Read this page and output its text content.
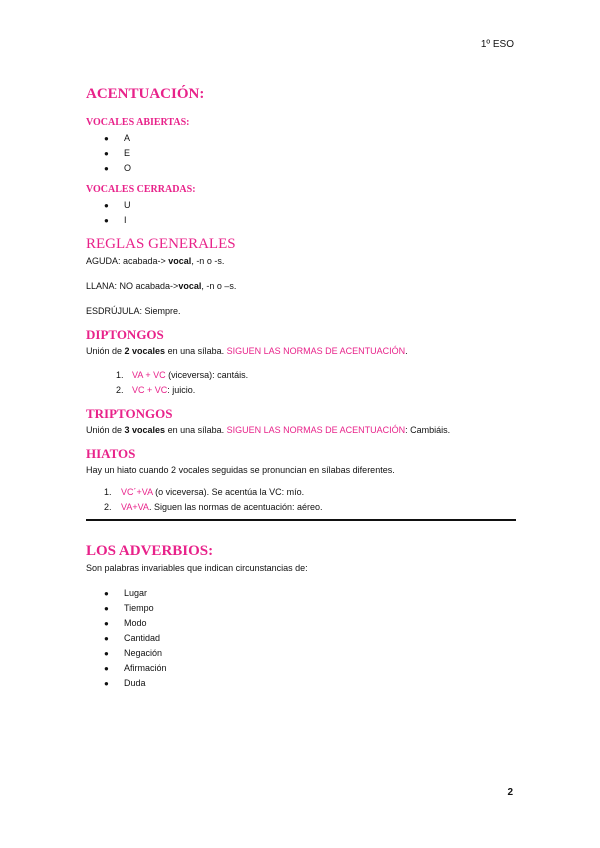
1º ESO
ACENTUACIÓN:
VOCALES ABIERTAS:
● A
● E
● O
VOCALES CERRADAS:
● U
● I
REGLAS GENERALES

AGUDA: acabada-> vocal, -n o -s.

LLANA: NO acabada->vocal, -n o –s.

ESDRÚJULA: Siempre.

DIPTONGOS

Unión de 2 vocales en una sílaba. SIGUEN LAS NORMAS DE ACENTUACIÓN.

1. VA + VC (viceversa): cantáis.
2. VC + VC: juicio.
TRIPTONGOS

Unión de 3 vocales en una sílaba. SIGUEN LAS NORMAS DE ACENTUACIÓN: Cambiáis.

HIATOS

Hay un hiato cuando 2 vocales seguidas se pronuncian en sílabas diferentes.

1. VC´+VA (o viceversa). Se acentúa la VC: mío.
2. VA+VA. Siguen las normas de acentuación: aéreo.
LOS ADVERBIOS:

Son palabras invariables que indican circunstancias de:

● Lugar
● Tiempo
● Modo
● Cantidad
● Negación
● Afirmación
● Duda
2
